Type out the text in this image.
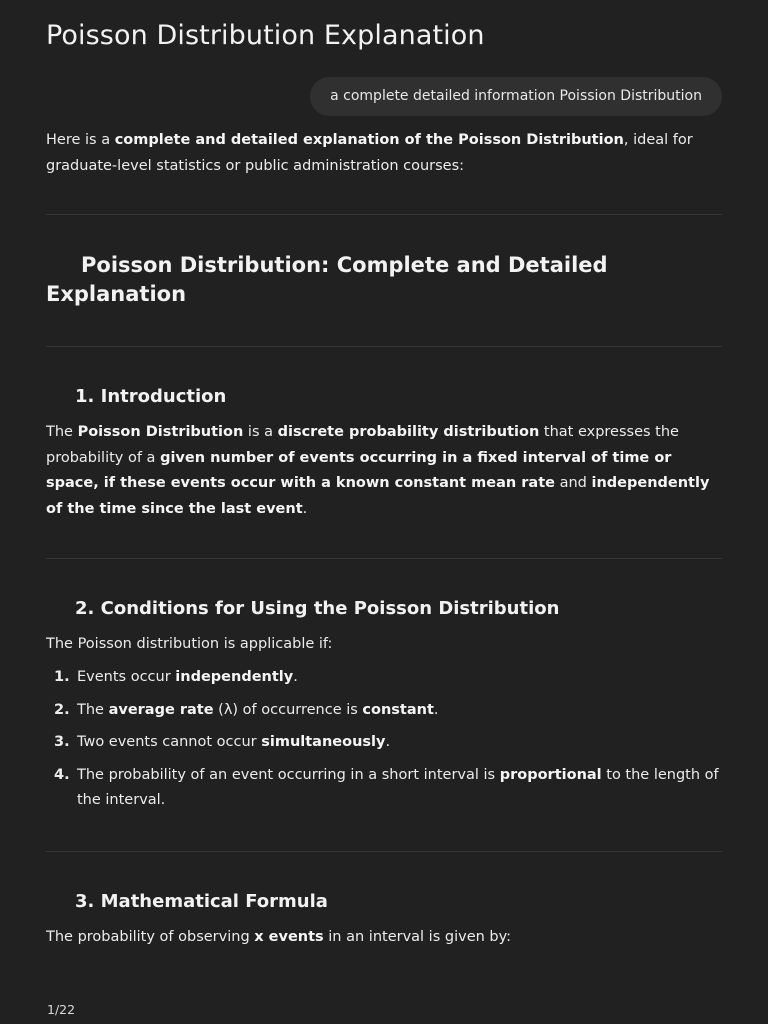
Poisson Distribution Explanation
a complete detailed information Poission Distribution

Here is a complete and detailed explanation of the Poisson Distribution, ideal for graduate-level statistics or public administration courses:

Poisson Distribution: Complete and Detailed Explanation
1. Introduction

The Poisson Distribution is a discrete probability distribution that expresses the probability of a given number of events occurring in a fixed interval of time or space, if these events occur with a known constant mean rate and independently of the time since the last event.

2. Conditions for Using the Poisson Distribution

The Poisson distribution is applicable if:

1. Events occur independently.
2. The average rate (λ) of occurrence is constant.
3. Two events cannot occur simultaneously.
4. The probability of an event occurring in a short interval is proportional to the length of the interval.
3. Mathematical Formula

The probability of observing x events in an interval is given by:

1/22
